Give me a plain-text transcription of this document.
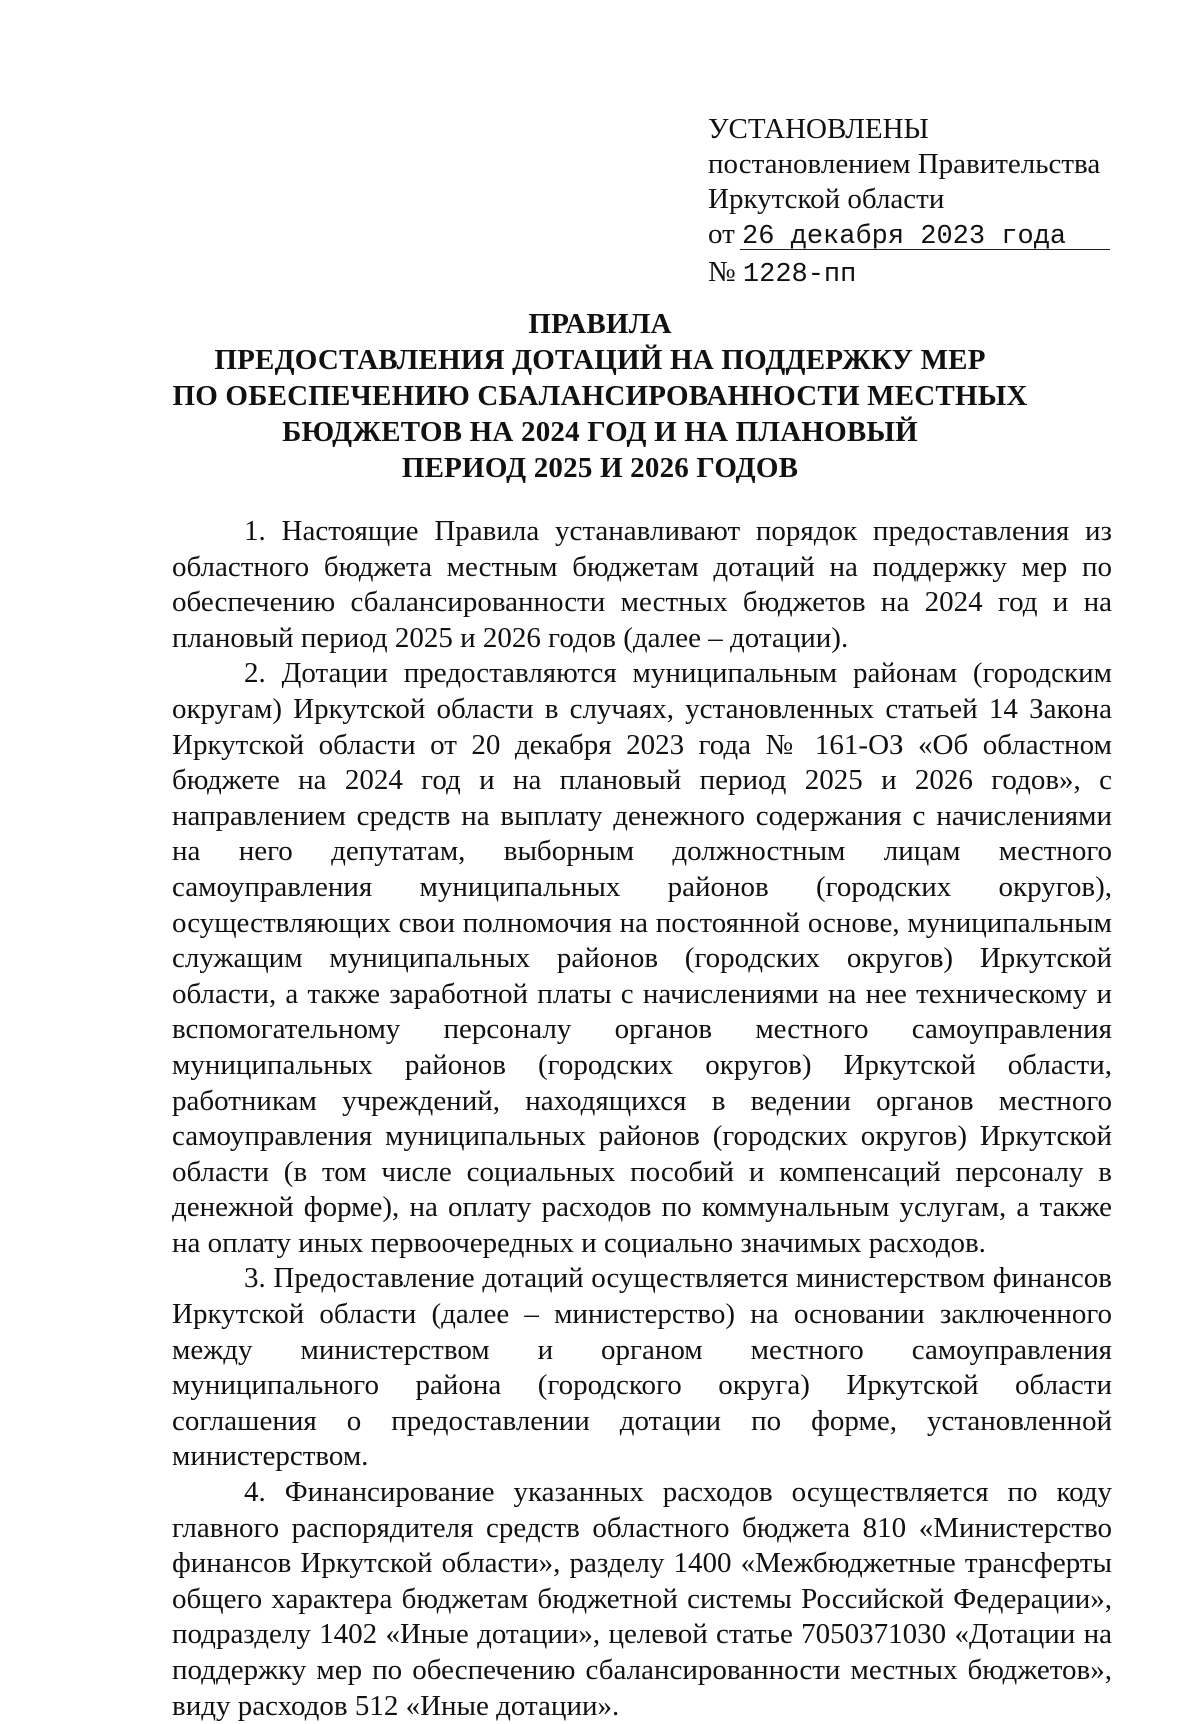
УСТАНОВЛЕНЫ
постановлением Правительства
Иркутской области
от 26 декабря 2023 года
№ 1228-пп
ПРАВИЛА
ПРЕДОСТАВЛЕНИЯ ДОТАЦИЙ НА ПОДДЕРЖКУ МЕР
ПО ОБЕСПЕЧЕНИЮ СБАЛАНСИРОВАННОСТИ МЕСТНЫХ
БЮДЖЕТОВ НА 2024 ГОД И НА ПЛАНОВЫЙ
ПЕРИОД 2025 И 2026 ГОДОВ

1. Настоящие Правила устанавливают порядок предоставления из областного бюджета местным бюджетам дотаций на поддержку мер по обеспечению сбалансированности местных бюджетов на 2024 год и на плановый период 2025 и 2026 годов (далее – дотации).

2. Дотации предоставляются муниципальным районам (городским округам) Иркутской области в случаях, установленных статьей 14 Закона Иркутской области от 20 декабря 2023 года № 161-ОЗ «Об областном бюджете на 2024 год и на плановый период 2025 и 2026 годов», с направлением средств на выплату денежного содержания с начислениями на него депутатам, выборным должностным лицам местного самоуправления муниципальных районов (городских округов), осуществляющих свои полномочия на постоянной основе, муниципальным служащим муниципальных районов (городских округов) Иркутской области, а также заработной платы с начислениями на нее техническому и вспомогательному персоналу органов местного самоуправления муниципальных районов (городских округов) Иркутской области, работникам учреждений, находящихся в ведении органов местного самоуправления муниципальных районов (городских округов) Иркутской области (в том числе социальных пособий и компенсаций персоналу в денежной форме), на оплату расходов по коммунальным услугам, а также на оплату иных первоочередных и социально значимых расходов.

3. Предоставление дотаций осуществляется министерством финансов Иркутской области (далее – министерство) на основании заключенного между министерством и органом местного самоуправления муниципального района (городского округа) Иркутской области соглашения о предоставлении дотации по форме, установленной министерством.

4. Финансирование указанных расходов осуществляется по коду главного распорядителя средств областного бюджета 810 «Министерство финансов Иркутской области», разделу 1400 «Межбюджетные трансферты общего характера бюджетам бюджетной системы Российской Федерации», подразделу 1402 «Иные дотации», целевой статье 7050371030 «Дотации на поддержку мер по обеспечению сбалансированности местных бюджетов», виду расходов 512 «Иные дотации».
